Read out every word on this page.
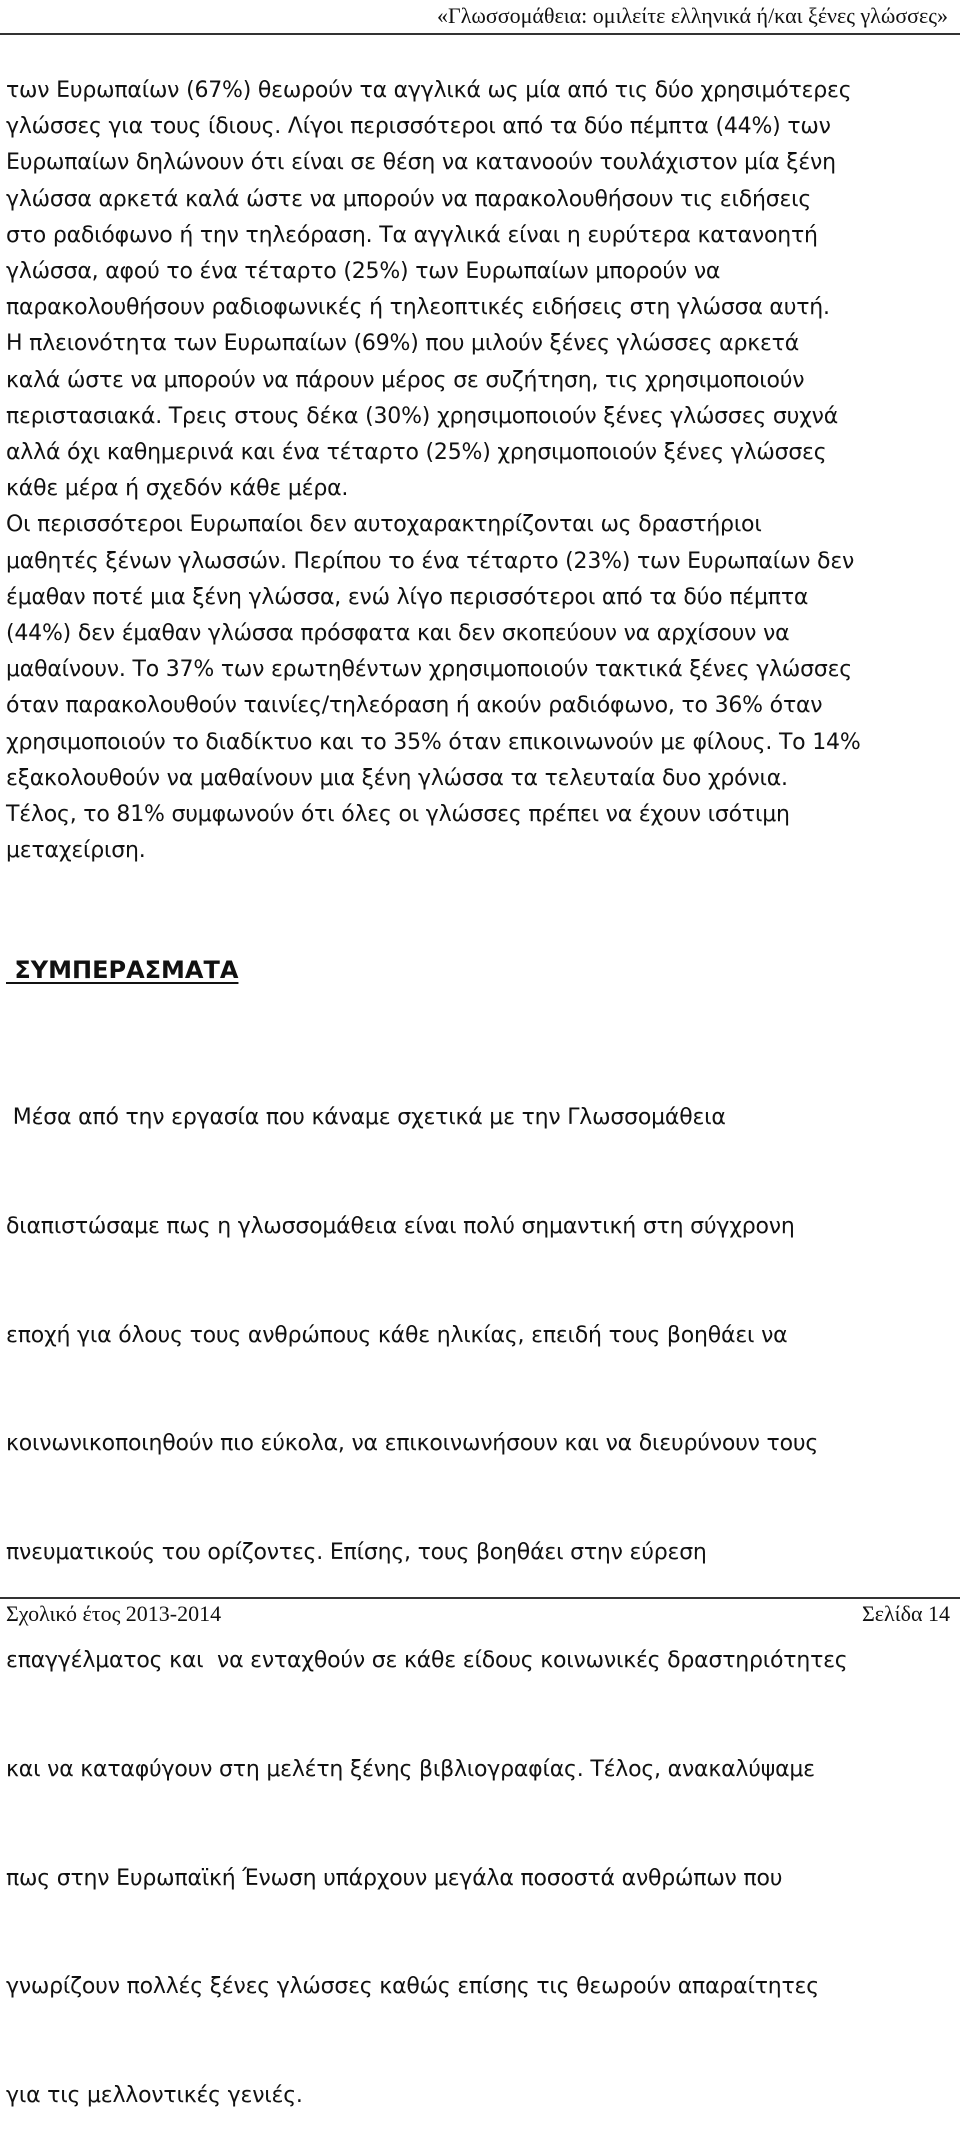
«Γλωσσομάθεια: ομιλείτε ελληνικά ή/και ξένες γλώσσες»

των Ευρωπαίων (67%) θεωρούν τα αγγλικά ως μία από τις δύο χρησιμότερες

γλώσσες για τους ίδιους. Λίγοι περισσότεροι από τα δύο πέμπτα (44%) των

Ευρωπαίων δηλώνουν ότι είναι σε θέση να κατανοούν τουλάχιστον μία ξένη

γλώσσα αρκετά καλά ώστε να μπορούν να παρακολουθήσουν τις ειδήσεις

στο ραδιόφωνο ή την τηλεόραση. Τα αγγλικά είναι η ευρύτερα κατανοητή

γλώσσα, αφού το ένα τέταρτο (25%) των Ευρωπαίων μπορούν να

παρακολουθήσουν ραδιοφωνικές ή τηλεοπτικές ειδήσεις στη γλώσσα αυτή.

Η πλειονότητα των Ευρωπαίων (69%) που μιλούν ξένες γλώσσες αρκετά

καλά ώστε να μπορούν να πάρουν μέρος σε συζήτηση, τις χρησιμοποιούν

περιστασιακά. Τρεις στους δέκα (30%) χρησιμοποιούν ξένες γλώσσες συχνά

αλλά όχι καθημερινά και ένα τέταρτο (25%) χρησιμοποιούν ξένες γλώσσες

κάθε μέρα ή σχεδόν κάθε μέρα.

Οι περισσότεροι Ευρωπαίοι δεν αυτοχαρακτηρίζονται ως δραστήριοι

μαθητές ξένων γλωσσών. Περίπου το ένα τέταρτο (23%) των Ευρωπαίων δεν

έμαθαν ποτέ μια ξένη γλώσσα, ενώ λίγο περισσότεροι από τα δύο πέμπτα

(44%) δεν έμαθαν γλώσσα πρόσφατα και δεν σκοπεύουν να αρχίσουν να

μαθαίνουν. Το 37% των ερωτηθέντων χρησιμοποιούν τακτικά ξένες γλώσσες

όταν παρακολουθούν ταινίες/τηλεόραση ή ακούν ραδιόφωνο, το 36% όταν

χρησιμοποιούν το διαδίκτυο και το 35% όταν επικοινωνούν με φίλους. Το 14%

εξακολουθούν να μαθαίνουν μια ξένη γλώσσα τα τελευταία δυο χρόνια.

Τέλος, το 81% συμφωνούν ότι όλες οι γλώσσες πρέπει να έχουν ισότιμη

μεταχείριση.

ΣΥΜΠΕΡΑΣΜΑΤΑ

Μέσα από την εργασία που κάναμε σχετικά με την Γλωσσομάθεια

διαπιστώσαμε πως η γλωσσομάθεια είναι πολύ σημαντική στη σύγχρονη

εποχή για όλους τους ανθρώπους κάθε ηλικίας, επειδή τους βοηθάει να

κοινωνικοποιηθούν πιο εύκολα, να επικοινωνήσουν και να διευρύνουν τους

πνευματικούς του ορίζοντες. Επίσης, τους βοηθάει στην εύρεση

επαγγέλματος και  να ενταχθούν σε κάθε είδους κοινωνικές δραστηριότητες

και να καταφύγουν στη μελέτη ξένης βιβλιογραφίας. Τέλος, ανακαλύψαμε

πως στην Ευρωπαϊκή Ένωση υπάρχουν μεγάλα ποσοστά ανθρώπων που

γνωρίζουν πολλές ξένες γλώσσες καθώς επίσης τις θεωρούν απαραίτητες

για τις μελλοντικές γενιές.

Σχολικό έτος 2013-2014	Σελίδα 14
